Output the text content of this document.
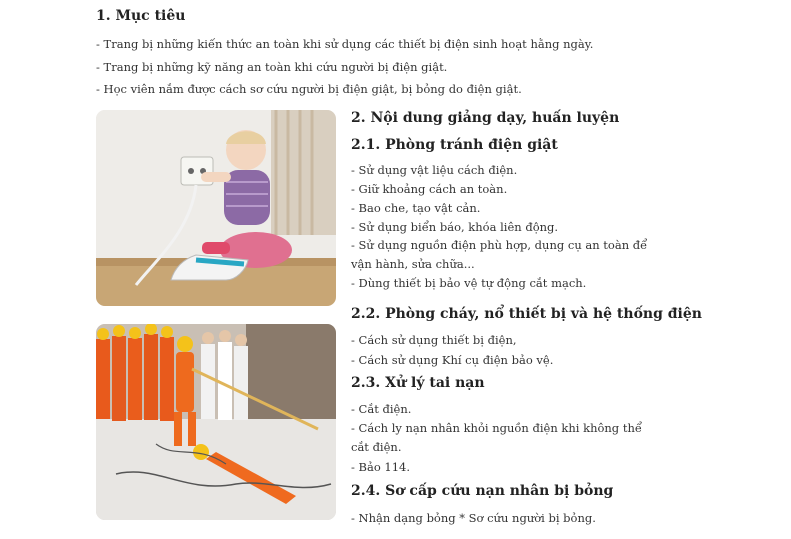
1. Mục tiêu
- Trang bị những kiến thức an toàn khi sử dụng các thiết bị điện sinh hoạt hằng ngày.
- Trang bị những kỹ năng an toàn khi cứu người bị điện giật.
- Học viên nắm được cách sơ cứu người bị điện giật, bị bỏng do điện giật.
2. Nội dung giảng dạy, huấn luyện
2.1. Phòng tránh điện giật
- Sử dụng vật liệu cách điện.
- Giữ khoảng cách an toàn.
- Bao che, tạo vật cản.
- Sử dụng biển báo, khóa liên động.
- Sử dụng nguồn điện phù hợp, dụng cụ an toàn để
vận hành, sửa chữa...
- Dùng thiết bị bảo vệ tự động cắt mạch.
2.2. Phòng cháy, nổ thiết bị và hệ thống điện
- Cách sử dụng thiết bị điện,
- Cách sử dụng Khí cụ điện bảo vệ.
2.3. Xử lý tai nạn
- Cắt điện.
- Cách ly nạn nhân khỏi nguồn điện khi không thể
cắt điện.
- Bảo 114.
2.4. Sơ cấp cứu nạn nhân bị bỏng
- Nhận dạng bỏng * Sơ cứu người bị bỏng.
